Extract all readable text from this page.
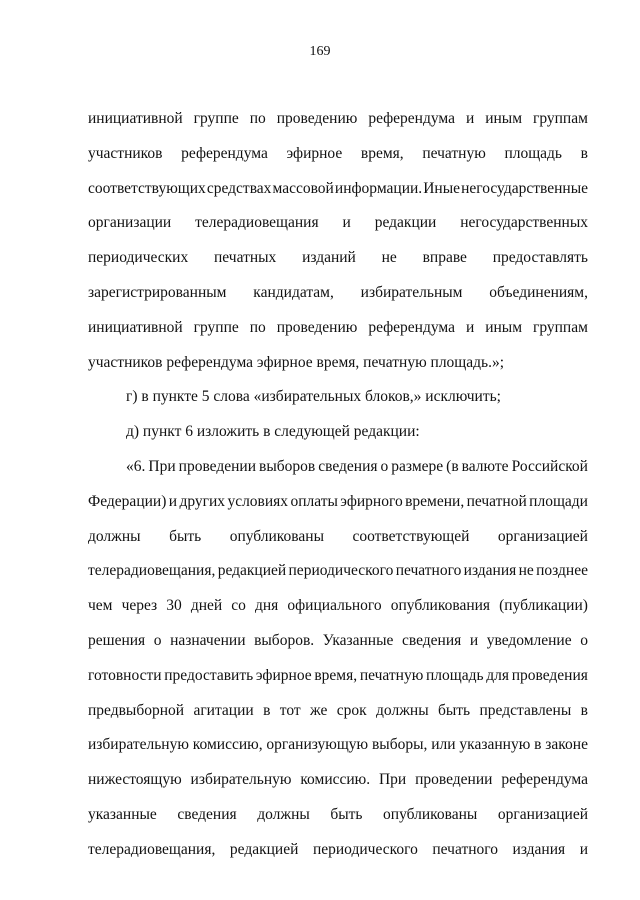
169
инициативной группе по проведению референдума и иным группам
участников референдума эфирное время, печатную площадь в
соответствующих средствах массовой информации. Иные негосударственные
организации телерадиовещания и редакции негосударственных
периодических печатных изданий не вправе предоставлять
зарегистрированным кандидатам, избирательным объединениям,
инициативной группе по проведению референдума и иным группам
участников референдума эфирное время, печатную площадь.»;
г) в пункте 5 слова «избирательных блоков,» исключить;
д) пункт 6 изложить в следующей редакции:
«6. При проведении выборов сведения о размере (в валюте Российской
Федерации) и других условиях оплаты эфирного времени, печатной площади
должны быть опубликованы соответствующей организацией
телерадиовещания, редакцией периодического печатного издания не позднее
чем через 30 дней со дня официального опубликования (публикации)
решения о назначении выборов. Указанные сведения и уведомление о
готовности предоставить эфирное время, печатную площадь для проведения
предвыборной агитации в тот же срок должны быть представлены в
избирательную комиссию, организующую выборы, или указанную в законе
нижестоящую избирательную комиссию. При проведении референдума
указанные сведения должны быть опубликованы организацией
телерадиовещания, редакцией периодического печатного издания и
